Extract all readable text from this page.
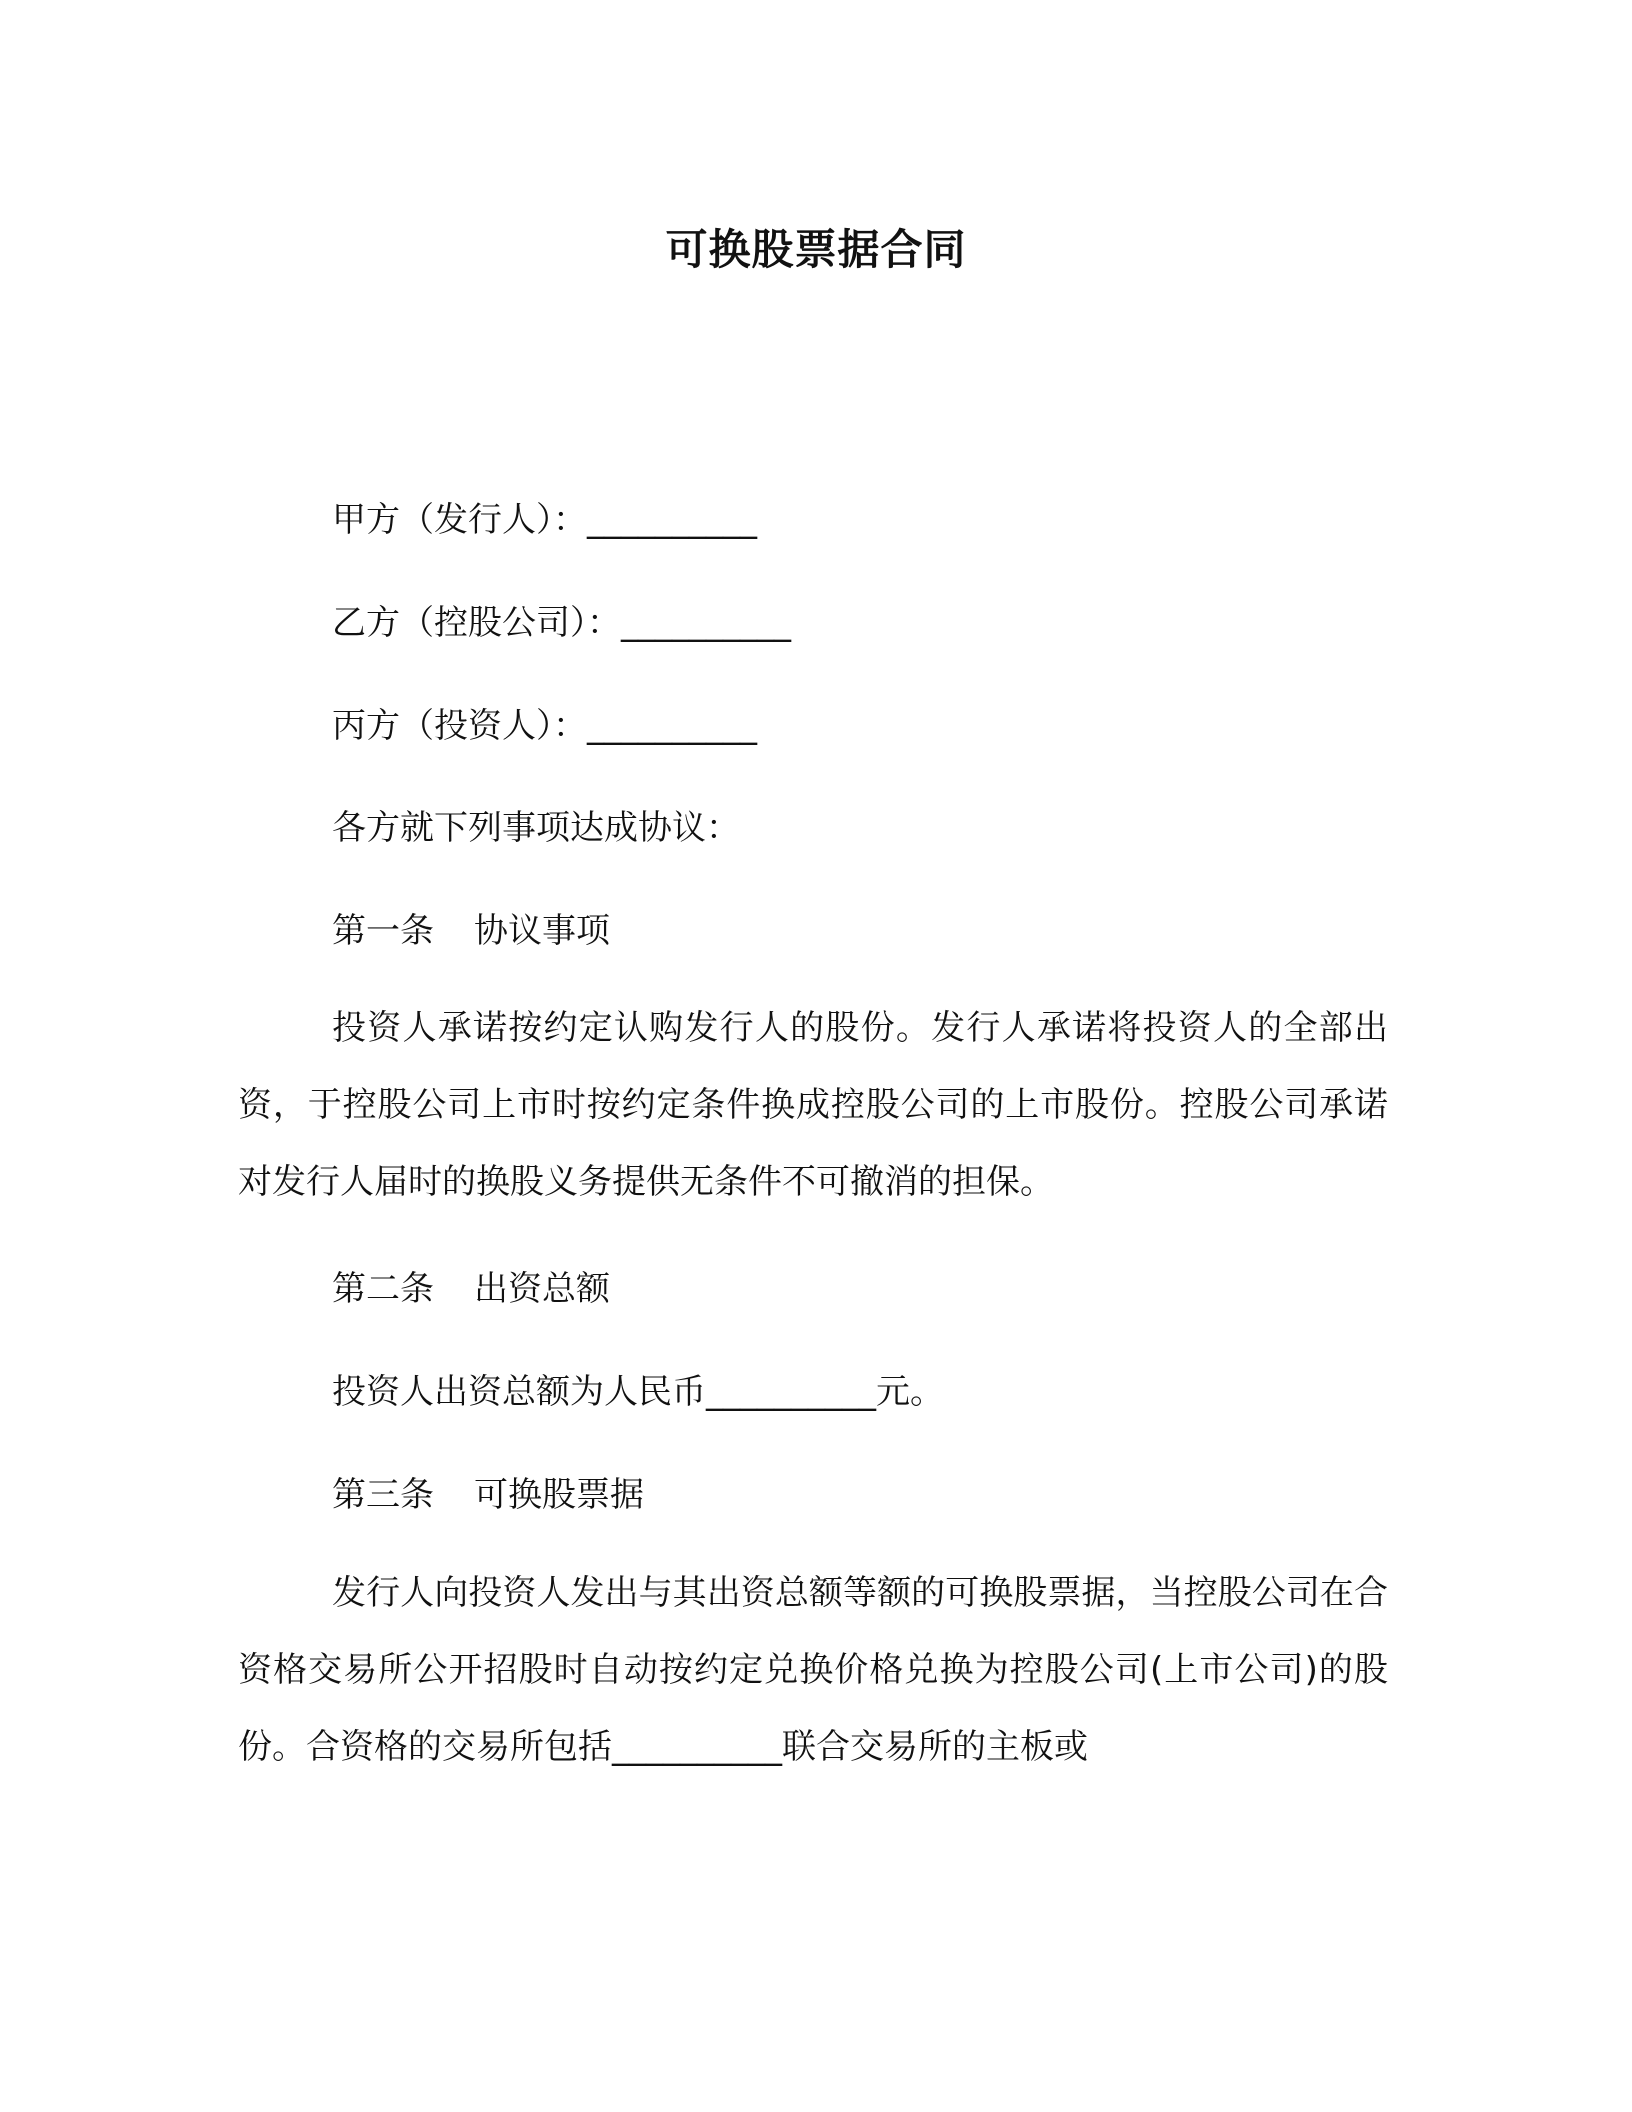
可换股票据合同
甲方（发行人）：__________
乙方（控股公司）：__________
丙方（投资人）：__________
各方就下列事项达成协议：
第一条 协议事项
投资人承诺按约定认购发行人的股份。发行人承诺将投资人的全部出资，于控股公司上市时按约定条件换成控股公司的上市股份。控股公司承诺对发行人届时的换股义务提供无条件不可撤消的担保。
第二条 出资总额
投资人出资总额为人民币__________元。
第三条 可换股票据
发行人向投资人发出与其出资总额等额的可换股票据，当控股公司在合资格交易所公开招股时自动按约定兑换价格兑换为控股公司(上市公司)的股份。合资格的交易所包括__________联合交易所的主板或
